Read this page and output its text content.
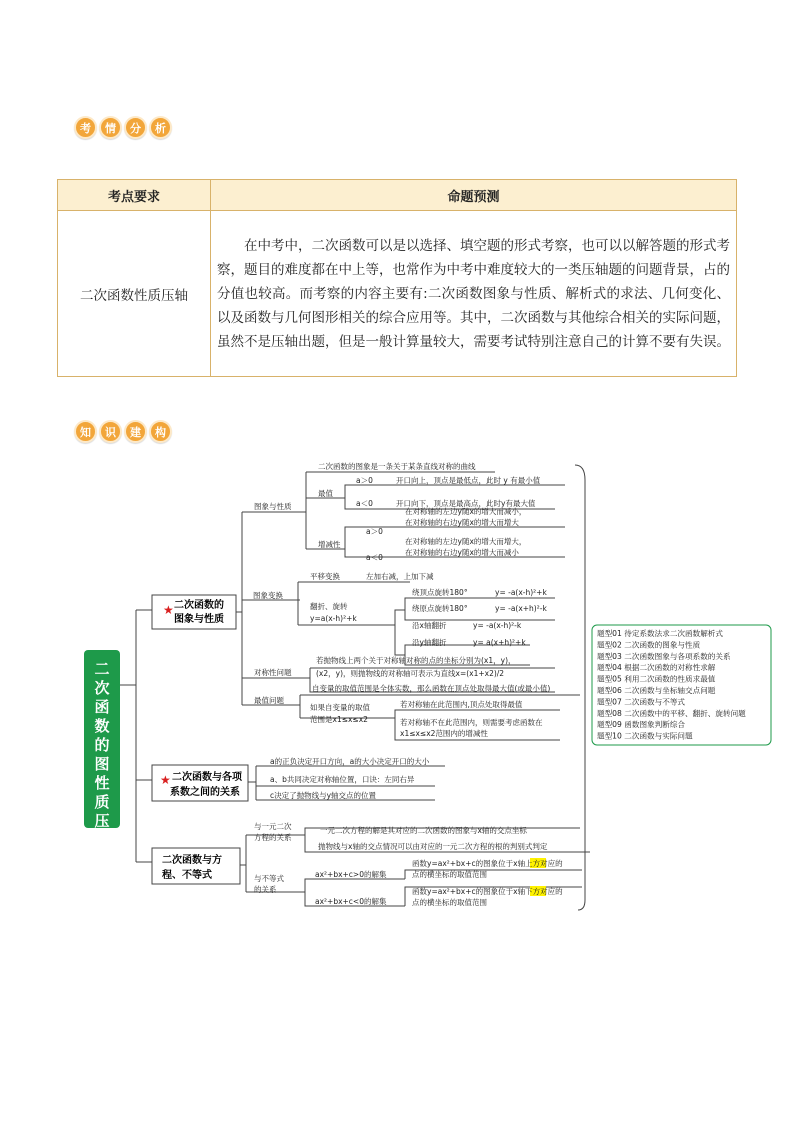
考	情	分	析
考点要求	命题预测
二次函数性质压轴	在中考中，二次函数可以是以选择、填空题的形式考察，也可以以解答题的形式考察，题目的难度都在中上等，也常作为中考中难度较大的一类压轴题的问题背景，占的分值也较高。而考察的内容主要有:二次函数图象与性质、解析式的求法、几何变化、以及函数与几何图形相关的综合应用等。其中，二次函数与其他综合相关的实际问题，虽然不是压轴出题，但是一般计算量较大，需要考试特别注意自己的计算不要有失误。
知	识	建	构
二次函数的图性质压轴
★ 二次函数的
图象与性质
★ 二次函数与各项
系数之间的关系
二次函数与方
程、不等式
图象与性质
二次函数的图象是一条关于某条直线对称的曲线
最值
a＞0
a＜0
开口向上，顶点是最低点，此时 y 有最小值
开口向下，顶点是最高点，此时y有最大值
增减性
a＞0
a＜0
在对称轴的左边y随x的增大而减小，
在对称轴的右边y随x的增大而增大
在对称轴的左边y随x的增大而增大，
在对称轴的右边y随x的增大而减小
图象变换
平移变换	左加右减，上加下减
翻折、旋转
y=a(x-h)²+k
绕顶点旋转180°	y= -a(x-h)²+k
绕原点旋转180°	y= -a(x+h)²-k
沿x轴翻折	y= -a(x-h)²-k
沿y轴翻折	y= a(x+h)²+k
对称性问题
若抛物线上两个关于对称轴对称的点的坐标分别为(x1，y)，
(x2，y)，则抛物线的对称轴可表示为直线x=(x1+x2)/2
最值问题
自变量的取值范围是全体实数，那么函数在顶点处取得最大值(或最小值)
如果自变量的取值
范围是x1≤x≤x2
若对称轴在此范围内,顶点处取得最值
若对称轴不在此范围内，则需要考虑函数在
x1≤x≤x2范围内的增减性
a的正负决定开口方向，a的大小决定开口的大小
a、b共同决定对称轴位置，口诀：左同右异
c决定了抛物线与y轴交点的位置
与一元二次
方程的关系
一元二次方程的解是其对应的二次函数的图象与x轴的交点坐标
抛物线与x轴的交点情况可以由对应的一元二次方程的根的判别式判定
与不等式
的关系
ax²+bx+c>0的解集
ax²+bx+c<0的解集
函数y=ax²+bx+c的图象位于x轴上方对应的
点的横坐标的取值范围
函数y=ax²+bx+c的图象位于x轴下方对应的
点的横坐标的取值范围
题型01 待定系数法求二次函数解析式
题型02 二次函数的图象与性质
题型03 二次函数图象与各项系数的关系
题型04 根据二次函数的对称性求解
题型05 利用二次函数的性质求最值
题型06 二次函数与坐标轴交点问题
题型07 二次函数与不等式
题型08 二次函数中的平移、翻折、旋转问题
题型09 函数图象判断综合
题型10 二次函数与实际问题
